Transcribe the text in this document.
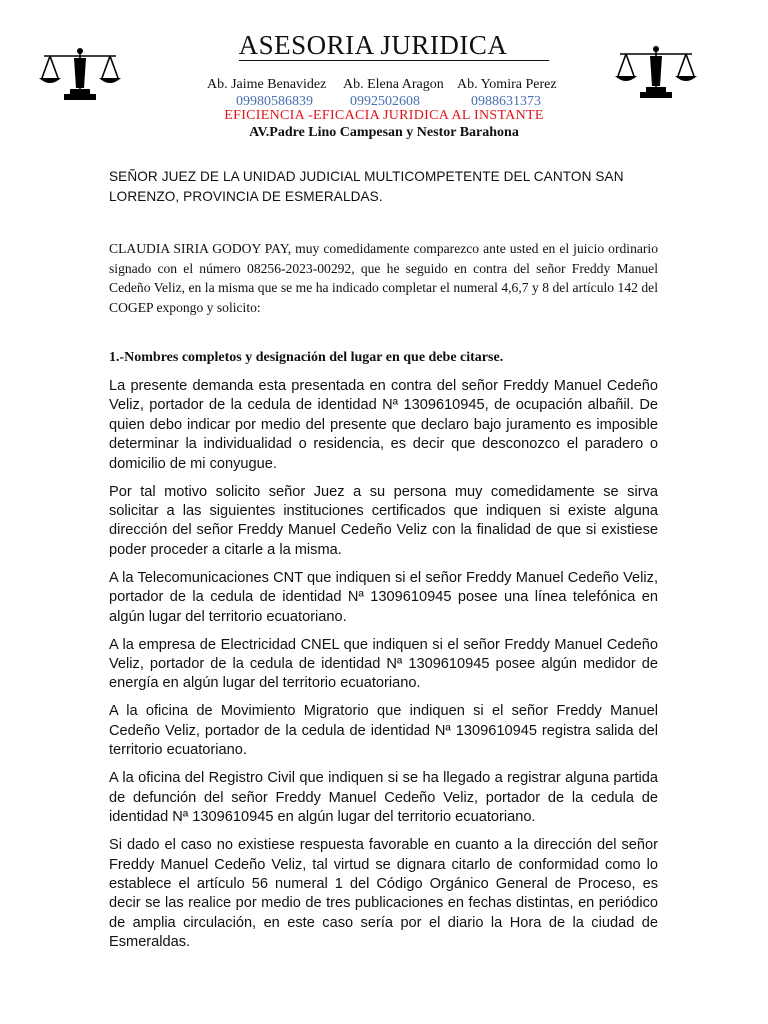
ASESORIA JURIDICA
Ab. Jaime Benavidez Ab. Elena Aragon Ab. Yomira Perez
09980586839	0992502608	0988631373
EFICIENCIA -EFICACIA JURIDICA AL INSTANTE
AV.Padre Lino Campesan y Nestor Barahona
SEÑOR JUEZ DE LA UNIDAD JUDICIAL MULTICOMPETENTE DEL CANTON SAN LORENZO, PROVINCIA DE ESMERALDAS.
CLAUDIA SIRIA GODOY PAY, muy comedidamente comparezco ante usted en el juicio ordinario signado con el número 08256-2023-00292, que he seguido en contra del señor Freddy Manuel Cedeño Veliz, en la misma que se me ha indicado completar el numeral 4,6,7 y 8 del artículo 142 del COGEP expongo y solicito:
1.-Nombres completos y designación del lugar en que debe citarse.

La presente demanda esta presentada en contra del señor Freddy Manuel Cedeño Veliz, portador de la cedula de identidad Nª 1309610945, de ocupación albañil. De quien debo indicar por medio del presente que declaro bajo juramento es imposible determinar la individualidad o residencia, es decir que desconozco el paradero o domicilio de mi conyugue.

Por tal motivo solicito señor Juez a su persona muy comedidamente se sirva solicitar a las siguientes instituciones certificados que indiquen si existe alguna dirección del señor Freddy Manuel Cedeño Veliz con la finalidad de que si existiese poder proceder a citarle a la misma.

A la Telecomunicaciones CNT que indiquen si el señor Freddy Manuel Cedeño Veliz, portador de la cedula de identidad Nª 1309610945 posee una línea telefónica en algún lugar del territorio ecuatoriano.

A la empresa de Electricidad CNEL que indiquen si el señor Freddy Manuel Cedeño Veliz, portador de la cedula de identidad Nª 1309610945 posee algún medidor de energía en algún lugar del territorio ecuatoriano.

A la oficina de Movimiento Migratorio que indiquen si el señor Freddy Manuel Cedeño Veliz, portador de la cedula de identidad Nª 1309610945 registra salida del territorio ecuatoriano.

A la oficina del Registro Civil que indiquen si se ha llegado a registrar alguna partida de defunción del señor Freddy Manuel Cedeño Veliz, portador de la cedula de identidad Nª 1309610945 en algún lugar del territorio ecuatoriano.

Si dado el caso no existiese respuesta favorable en cuanto a la dirección del señor Freddy Manuel Cedeño Veliz, tal virtud se dignara citarlo de conformidad como lo establece el artículo 56 numeral 1 del Código Orgánico General de Proceso, es decir se las realice por medio de tres publicaciones en fechas distintas, en periódico de amplia circulación, en este caso sería por el diario la Hora de la ciudad de Esmeraldas.
